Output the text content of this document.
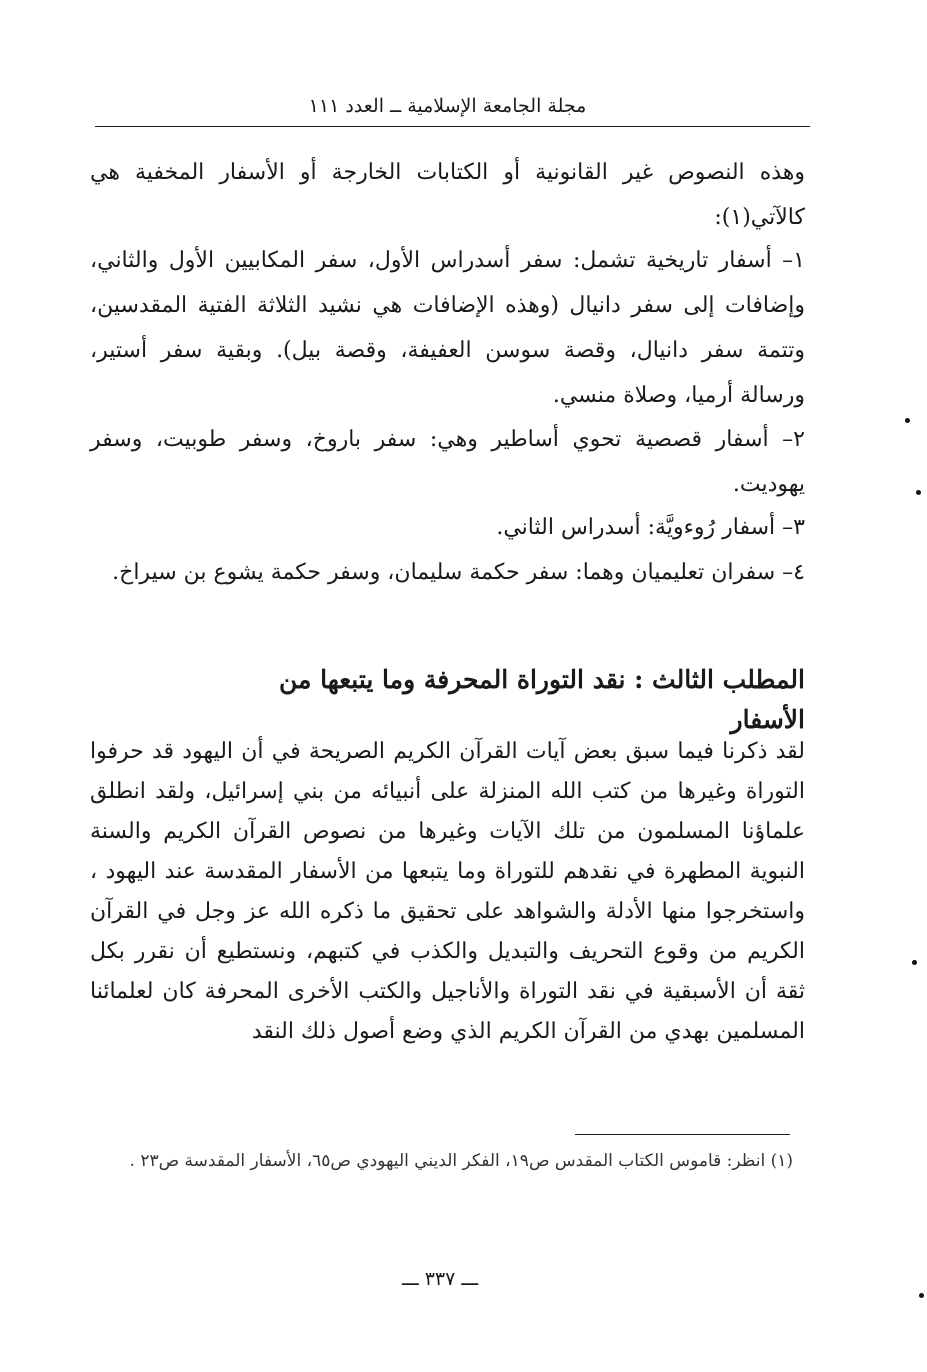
مجلة الجامعة الإسلامية ــ العدد ١١١

وهذه النصوص غير القانونية أو الكتابات الخارجة أو الأسفار المخفية هي كالآتي(١):

١– أسفار تاريخية تشمل: سفر أسدراس الأول، سفر المكابيين الأول والثاني، وإضافات إلى سفر دانيال (وهذه الإضافات هي نشيد الثلاثة الفتية المقدسين، وتتمة سفر دانيال، وقصة سوسن العفيفة، وقصة بيل). وبقية سفر أستير، ورسالة أرميا، وصلاة منسي.

٢– أسفار قصصية تحوي أساطير وهي: سفر باروخ، وسفر طوبيت، وسفر يهوديت.

٣– أسفار رُوءويَّة: أسدراس الثاني.

٤– سفران تعليميان وهما: سفر حكمة سليمان، وسفر حكمة يشوع بن سيراخ.

المطلب الثالث : نقد التوراة المحرفة وما يتبعها من الأسفار

لقد ذكرنا فيما سبق بعض آيات القرآن الكريم الصريحة في أن اليهود قد حرفوا التوراة وغيرها من كتب الله المنزلة على أنبيائه من بني إسرائيل، ولقد انطلق علماؤنا المسلمون من تلك الآيات وغيرها من نصوص القرآن الكريم والسنة النبوية المطهرة في نقدهم للتوراة وما يتبعها من الأسفار المقدسة عند اليهود ، واستخرجوا منها الأدلة والشواهد على تحقيق ما ذكره الله عز وجل في القرآن الكريم من وقوع التحريف والتبديل والكذب في كتبهم، ونستطيع أن نقرر بكل ثقة أن الأسبقية في نقد التوراة والأناجيل والكتب الأخرى المحرفة كان لعلمائنا المسلمين بهدي من القرآن الكريم الذي وضع أصول ذلك النقد

(١) انظر: قاموس الكتاب المقدس ص١٩، الفكر الديني اليهودي ص٦٥، الأسفار المقدسة ص٢٣ .
ـــ ٣٣٧ ـــ
